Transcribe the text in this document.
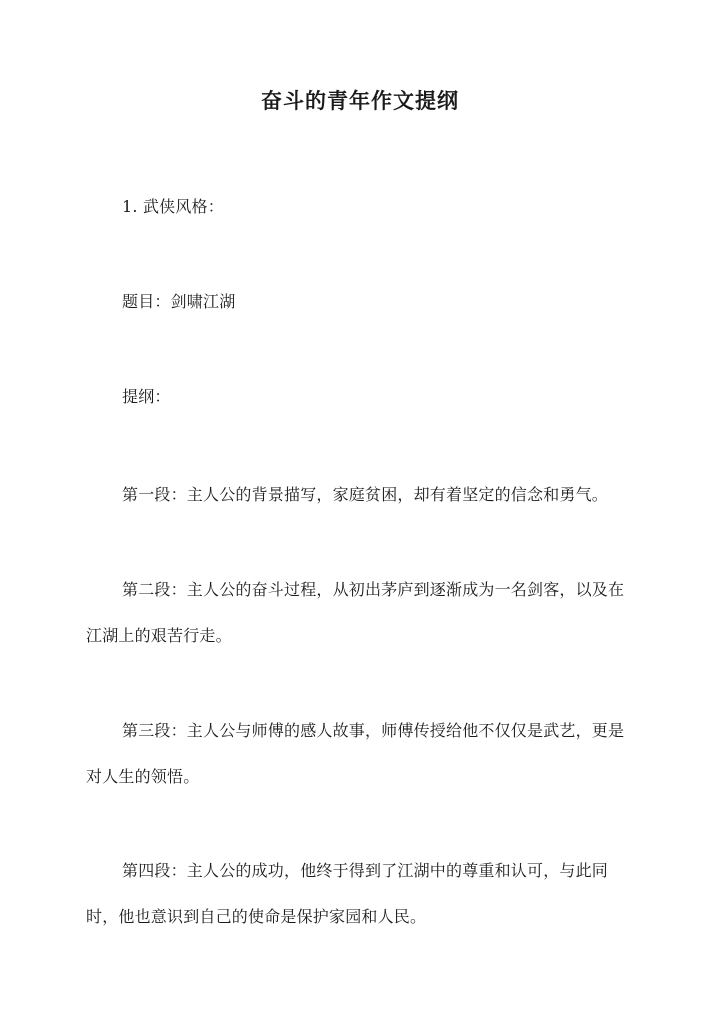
奋斗的青年作文提纲

1. 武侠风格：

题目：剑啸江湖

提纲：

第一段：主人公的背景描写，家庭贫困，却有着坚定的信念和勇气。

第二段：主人公的奋斗过程，从初出茅庐到逐渐成为一名剑客，以及在江湖上的艰苦行走。

第三段：主人公与师傅的感人故事，师傅传授给他不仅仅是武艺，更是对人生的领悟。

第四段：主人公的成功，他终于得到了江湖中的尊重和认可，与此同时，他也意识到自己的使命是保护家园和人民。
